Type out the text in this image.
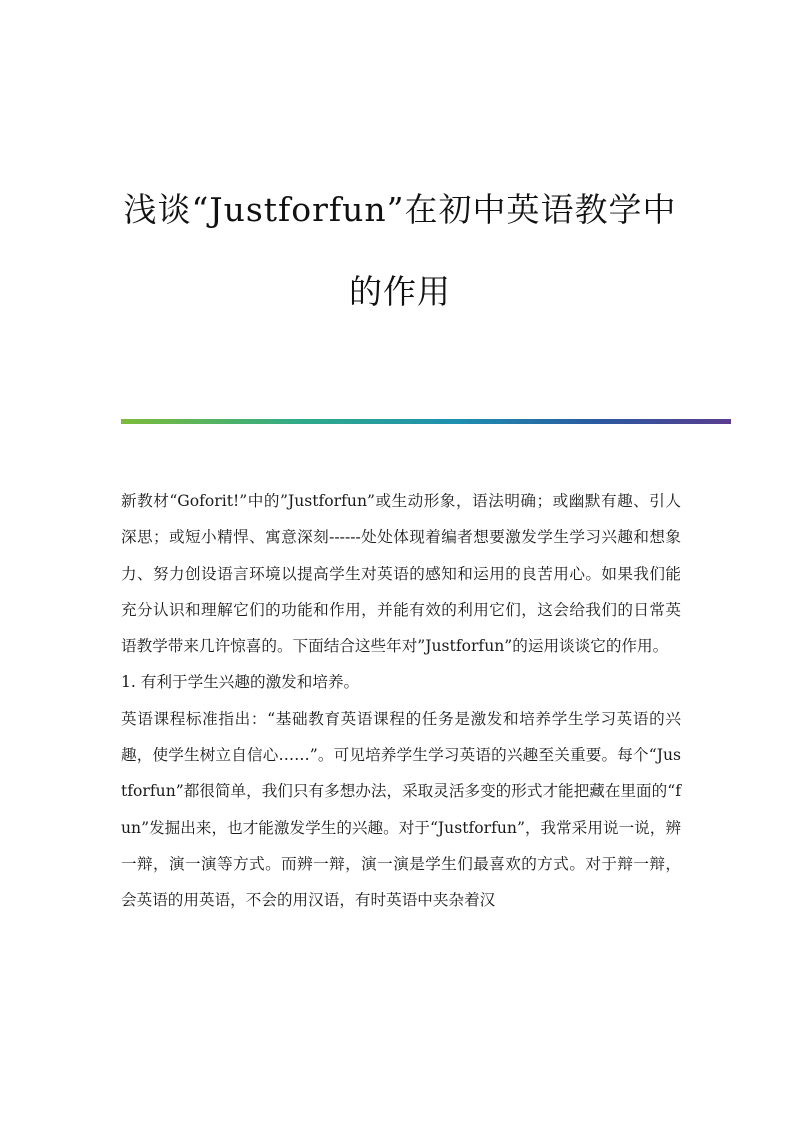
浅谈“Justforfun”在初中英语教学中
的作用

新教材“Goforit!”中的”Justforfun”或生动形象，语法明确；或幽默有趣、引人深思；或短小精悍、寓意深刻------处处体现着编者想要激发学生学习兴趣和想象力、努力创设语言环境以提高学生对英语的感知和运用的良苦用心。如果我们能充分认识和理解它们的功能和作用，并能有效的利用它们，这会给我们的日常英语教学带来几许惊喜的。下面结合这些年对”Justforfun”的运用谈谈它的作用。

1. 有利于学生兴趣的激发和培养。

英语课程标准指出：“基础教育英语课程的任务是激发和培养学生学习英语的兴趣，使学生树立自信心……”。可见培养学生学习英语的兴趣至关重要。每个“Justforfun”都很简单，我们只有多想办法，采取灵活多变的形式才能把藏在里面的“fun”发掘出来，也才能激发学生的兴趣。对于“Justforfun”，我常采用说一说，辨一辩，演一演等方式。而辨一辩，演一演是学生们最喜欢的方式。对于辩一辩，会英语的用英语，不会的用汉语，有时英语中夹杂着汉
